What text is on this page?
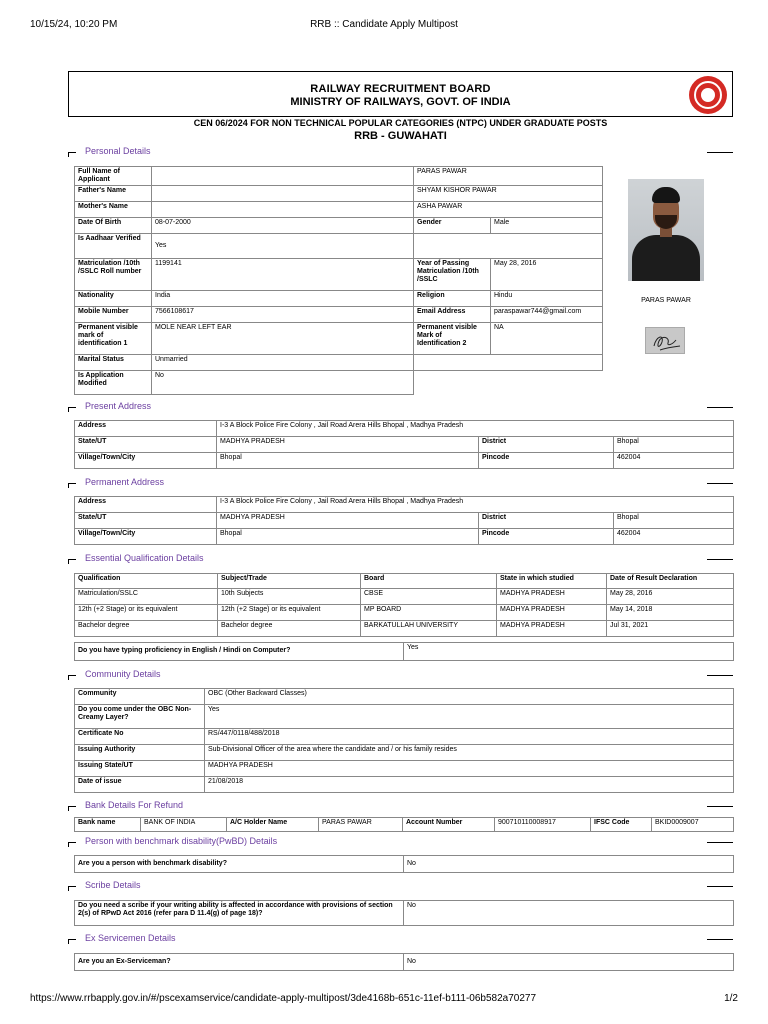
10/15/24, 10:20 PM	RRB :: Candidate Apply Multipost
RAILWAY RECRUITMENT BOARD
MINISTRY OF RAILWAYS, GOVT. OF INDIA
CEN 06/2024 FOR NON TECHNICAL POPULAR CATEGORIES (NTPC) UNDER GRADUATE POSTS
RRB - GUWAHATI
Personal Details
Full Name of Applicant		PARAS PAWAR	
Father's Name		SHYAM KISHOR PAWAR	
Mother's Name		ASHA PAWAR	
Date Of Birth	08-07-2000	Gender	Male
Is Aadhaar Verified	Yes		
Matriculation /10th /SSLC Roll number	1199141	Year of Passing Matriculation /10th /SSLC	May 28, 2016
Nationality	India	Religion	Hindu
Mobile Number	7566108617	Email Address	paraspawar744@gmail.com
Permanent visible mark of identification 1	MOLE NEAR LEFT EAR	Permanent visible Mark of Identification 2	NA
Marital Status	Unmarried		
Is Application Modified	No		
PARAS PAWAR
Present Address
Address	I-3 A Block Police Fire Colony , Jail Road Arera Hills Bhopal , Madhya Pradesh		
State/UT	MADHYA PRADESH	District	Bhopal
Village/Town/City	Bhopal	Pincode	462004
Permanent Address
Address	I-3 A Block Police Fire Colony , Jail Road Arera Hills Bhopal , Madhya Pradesh		
State/UT	MADHYA PRADESH	District	Bhopal
Village/Town/City	Bhopal	Pincode	462004
Essential Qualification Details
Qualification	Subject/Trade	Board	State in which studied	Date of Result Declaration
Matriculation/SSLC	10th Subjects	CBSE	MADHYA PRADESH	May 28, 2016
12th (+2 Stage) or its equivalent	12th (+2 Stage) or its equivalent	MP BOARD	MADHYA PRADESH	May 14, 2018
Bachelor degree	Bachelor degree	BARKATULLAH UNIVERSITY	MADHYA PRADESH	Jul 31, 2021
Do you have typing proficiency in English / Hindi on Computer?	Yes
Community Details
Community	OBC (Other Backward Classes)
Do you come under the OBC Non-Creamy Layer?	Yes
Certificate No	RS/447/0118/488/2018
Issuing Authority	Sub-Divisional Officer of the area where the candidate and / or his family resides
Issuing State/UT	MADHYA PRADESH
Date of issue	21/08/2018
Bank Details For Refund
Bank name	BANK OF INDIA	A/C Holder Name	PARAS PAWAR	Account Number	900710110008917	IFSC Code	BKID0009007
Person with benchmark disability(PwBD) Details
Are you a person with benchmark disability?	No
Scribe Details
Do you need a scribe if your writing ability is affected in accordance with provisions of section 2(s) of RPwD Act 2016 (refer para D 11.4(g) of page 18)?	No
Ex Servicemen Details
Are you an Ex-Serviceman?	No
https://www.rrbapply.gov.in/#/pscexamservice/candidate-apply-multipost/3de4168b-651c-11ef-b111-06b582a70277	1/2
